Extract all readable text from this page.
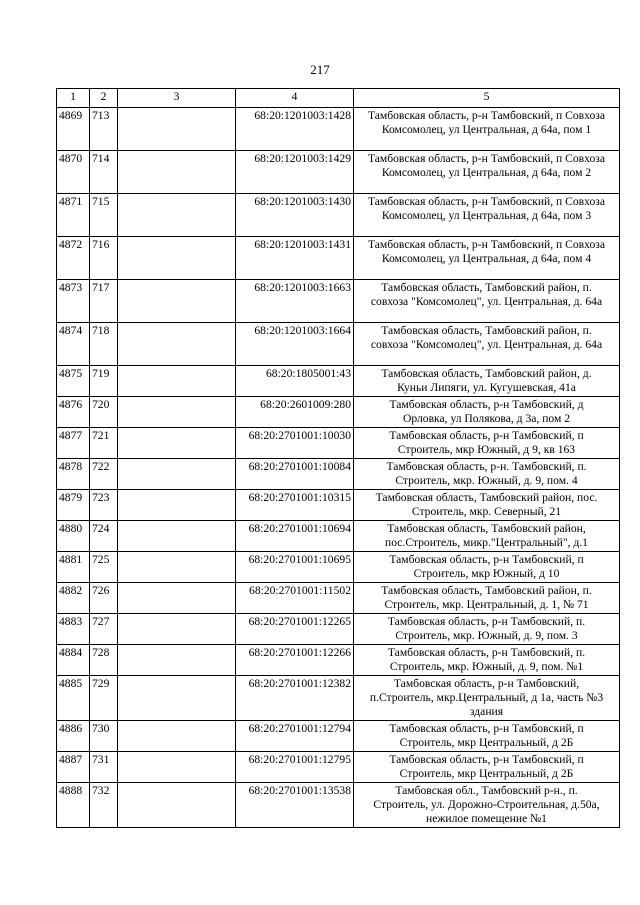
217
1	2	3	4	5
4869	713		68:20:1201003:1428	Тамбовская область, р-н Тамбовский, п Совхоза
Комсомолец, ул Центральная, д 64а, пом 1

4870	714		68:20:1201003:1429	Тамбовская область, р-н Тамбовский, п Совхоза
Комсомолец, ул Центральная, д 64а, пом 2

4871	715		68:20:1201003:1430	Тамбовская область, р-н Тамбовский, п Совхоза
Комсомолец, ул Центральная, д 64а, пом 3

4872	716		68:20:1201003:1431	Тамбовская область, р-н Тамбовский, п Совхоза
Комсомолец, ул Центральная, д 64а, пом 4

4873	717		68:20:1201003:1663	Тамбовская область, Тамбовский район, п.
совхоза "Комсомолец", ул. Центральная, д. 64а

4874	718		68:20:1201003:1664	Тамбовская область, Тамбовский район, п.
совхоза "Комсомолец", ул. Центральная, д. 64а

4875	719		68:20:1805001:43	Тамбовская область, Тамбовский район, д.
Куньи Липяги, ул. Кугушевская, 41а

4876	720		68:20:2601009:280	Тамбовская область, р-н Тамбовский, д
Орловка, ул Полякова, д 3а, пом 2

4877	721		68:20:2701001:10030	Тамбовская область, р-н Тамбовский, п
Строитель, мкр Южный, д 9, кв 163

4878	722		68:20:2701001:10084	Тамбовская область, р-н. Тамбовский, п.
Строитель, мкр. Южный, д. 9, пом. 4

4879	723		68:20:2701001:10315	Тамбовская область, Тамбовский район, пос.
Строитель, мкр. Северный, 21

4880	724		68:20:2701001:10694	Тамбовская область, Тамбовский район,
пос.Строитель, микр."Центральный", д.1

4881	725		68:20:2701001:10695	Тамбовская область, р-н Тамбовский, п
Строитель, мкр Южный, д 10

4882	726		68:20:2701001:11502	Тамбовская область, Тамбовский район, п.
Строитель, мкр. Центральный, д. 1, № 71

4883	727		68:20:2701001:12265	Тамбовская область, р-н Тамбовский, п.
Строитель, мкр. Южный, д. 9, пом. 3

4884	728		68:20:2701001:12266	Тамбовская область, р-н Тамбовский, п.
Строитель, мкр. Южный, д. 9, пом. №1

4885	729		68:20:2701001:12382	Тамбовская область, р-н Тамбовский,
п.Строитель, мкр.Центральный, д 1а, часть №3
здания

4886	730		68:20:2701001:12794	Тамбовская область, р-н Тамбовский, п
Строитель, мкр Центральный, д 2Б

4887	731		68:20:2701001:12795	Тамбовская область, р-н Тамбовский, п
Строитель, мкр Центральный, д 2Б

4888	732		68:20:2701001:13538	Тамбовская обл., Тамбовский р-н., п.
Строитель, ул. Дорожно-Строительная, д.50а,
нежилое помещение №1
